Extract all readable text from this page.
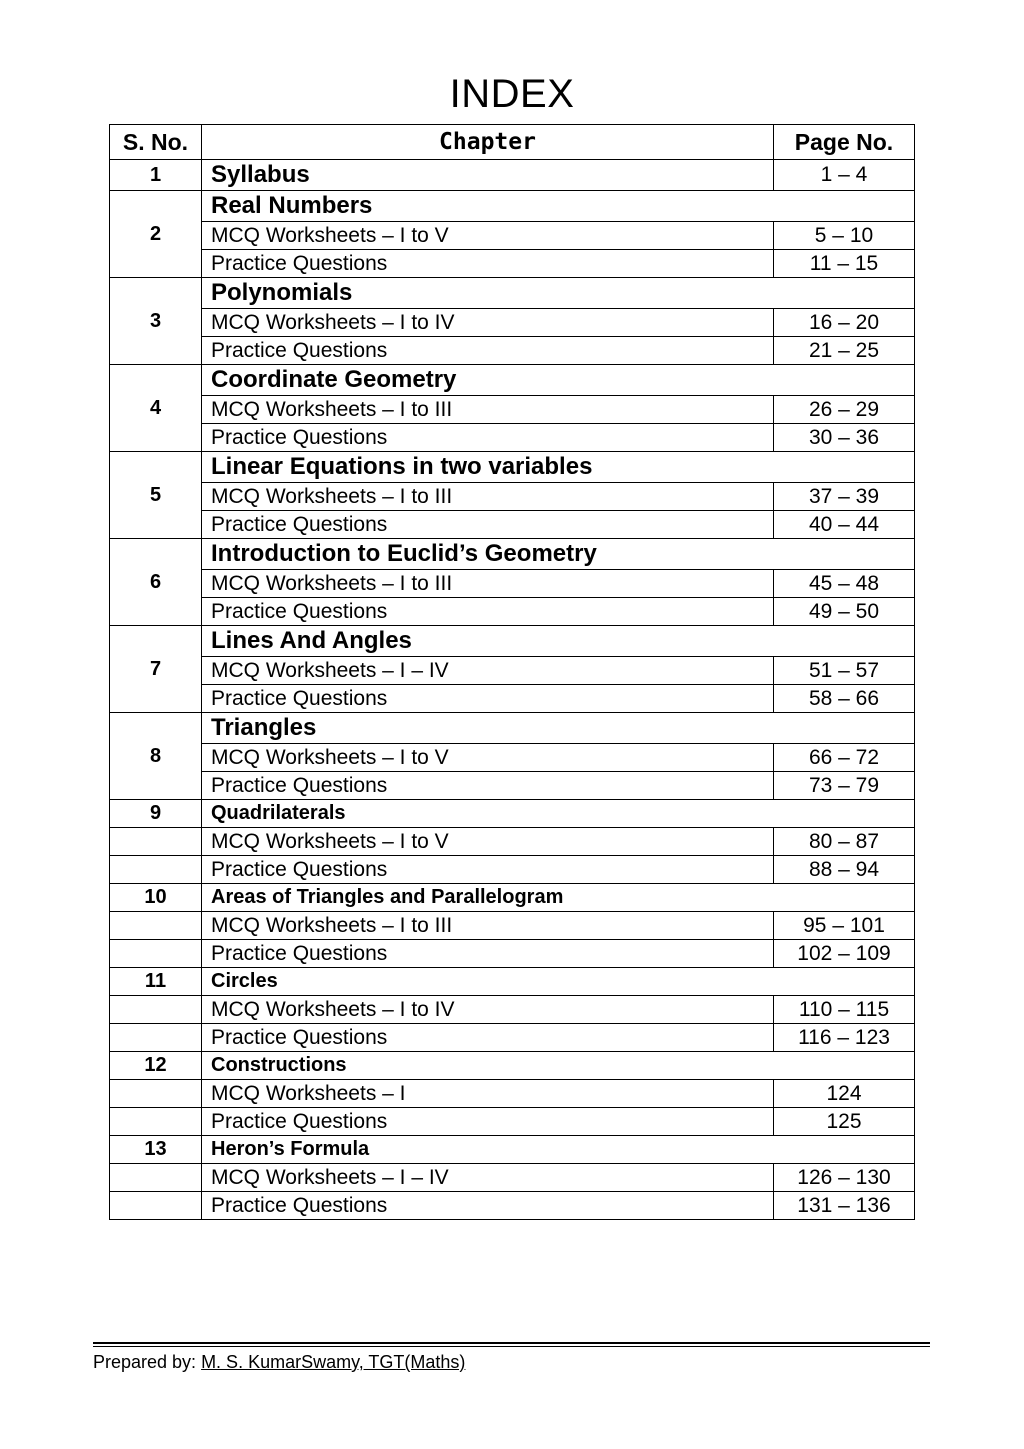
INDEX
S. No.	Chapter	Page No.
1	Syllabus	1 – 4
2	Real Numbers	
	MCQ Worksheets – I to V	5 – 10
	Practice Questions	11 – 15
3	Polynomials	
	MCQ Worksheets – I to IV	16 – 20
	Practice Questions	21 – 25
4	Coordinate Geometry	
	MCQ Worksheets – I to III	26 – 29
	Practice Questions	30 – 36
5	Linear Equations in two variables	
	MCQ Worksheets – I to III	37 – 39
	Practice Questions	40 – 44
6	Introduction to Euclid’s Geometry	
	MCQ Worksheets – I to III	45 – 48
	Practice Questions	49 – 50
7	Lines And Angles	
	MCQ Worksheets – I – IV	51 – 57
	Practice Questions	58 – 66
8	Triangles	
	MCQ Worksheets – I to V	66 – 72
	Practice Questions	73 – 79
9	Quadrilaterals	
	MCQ Worksheets – I to V	80 – 87
	Practice Questions	88 – 94
10	Areas of Triangles and Parallelogram	
	MCQ Worksheets – I to III	95 – 101
	Practice Questions	102 – 109
11	Circles	
	MCQ Worksheets – I to IV	110 – 115
	Practice Questions	116 – 123
12	Constructions	
	MCQ Worksheets – I	124
	Practice Questions	125
13	Heron’s Formula	
	MCQ Worksheets – I – IV	126 – 130
	Practice Questions	131 – 136
Prepared by: M. S. KumarSwamy, TGT(Maths)
